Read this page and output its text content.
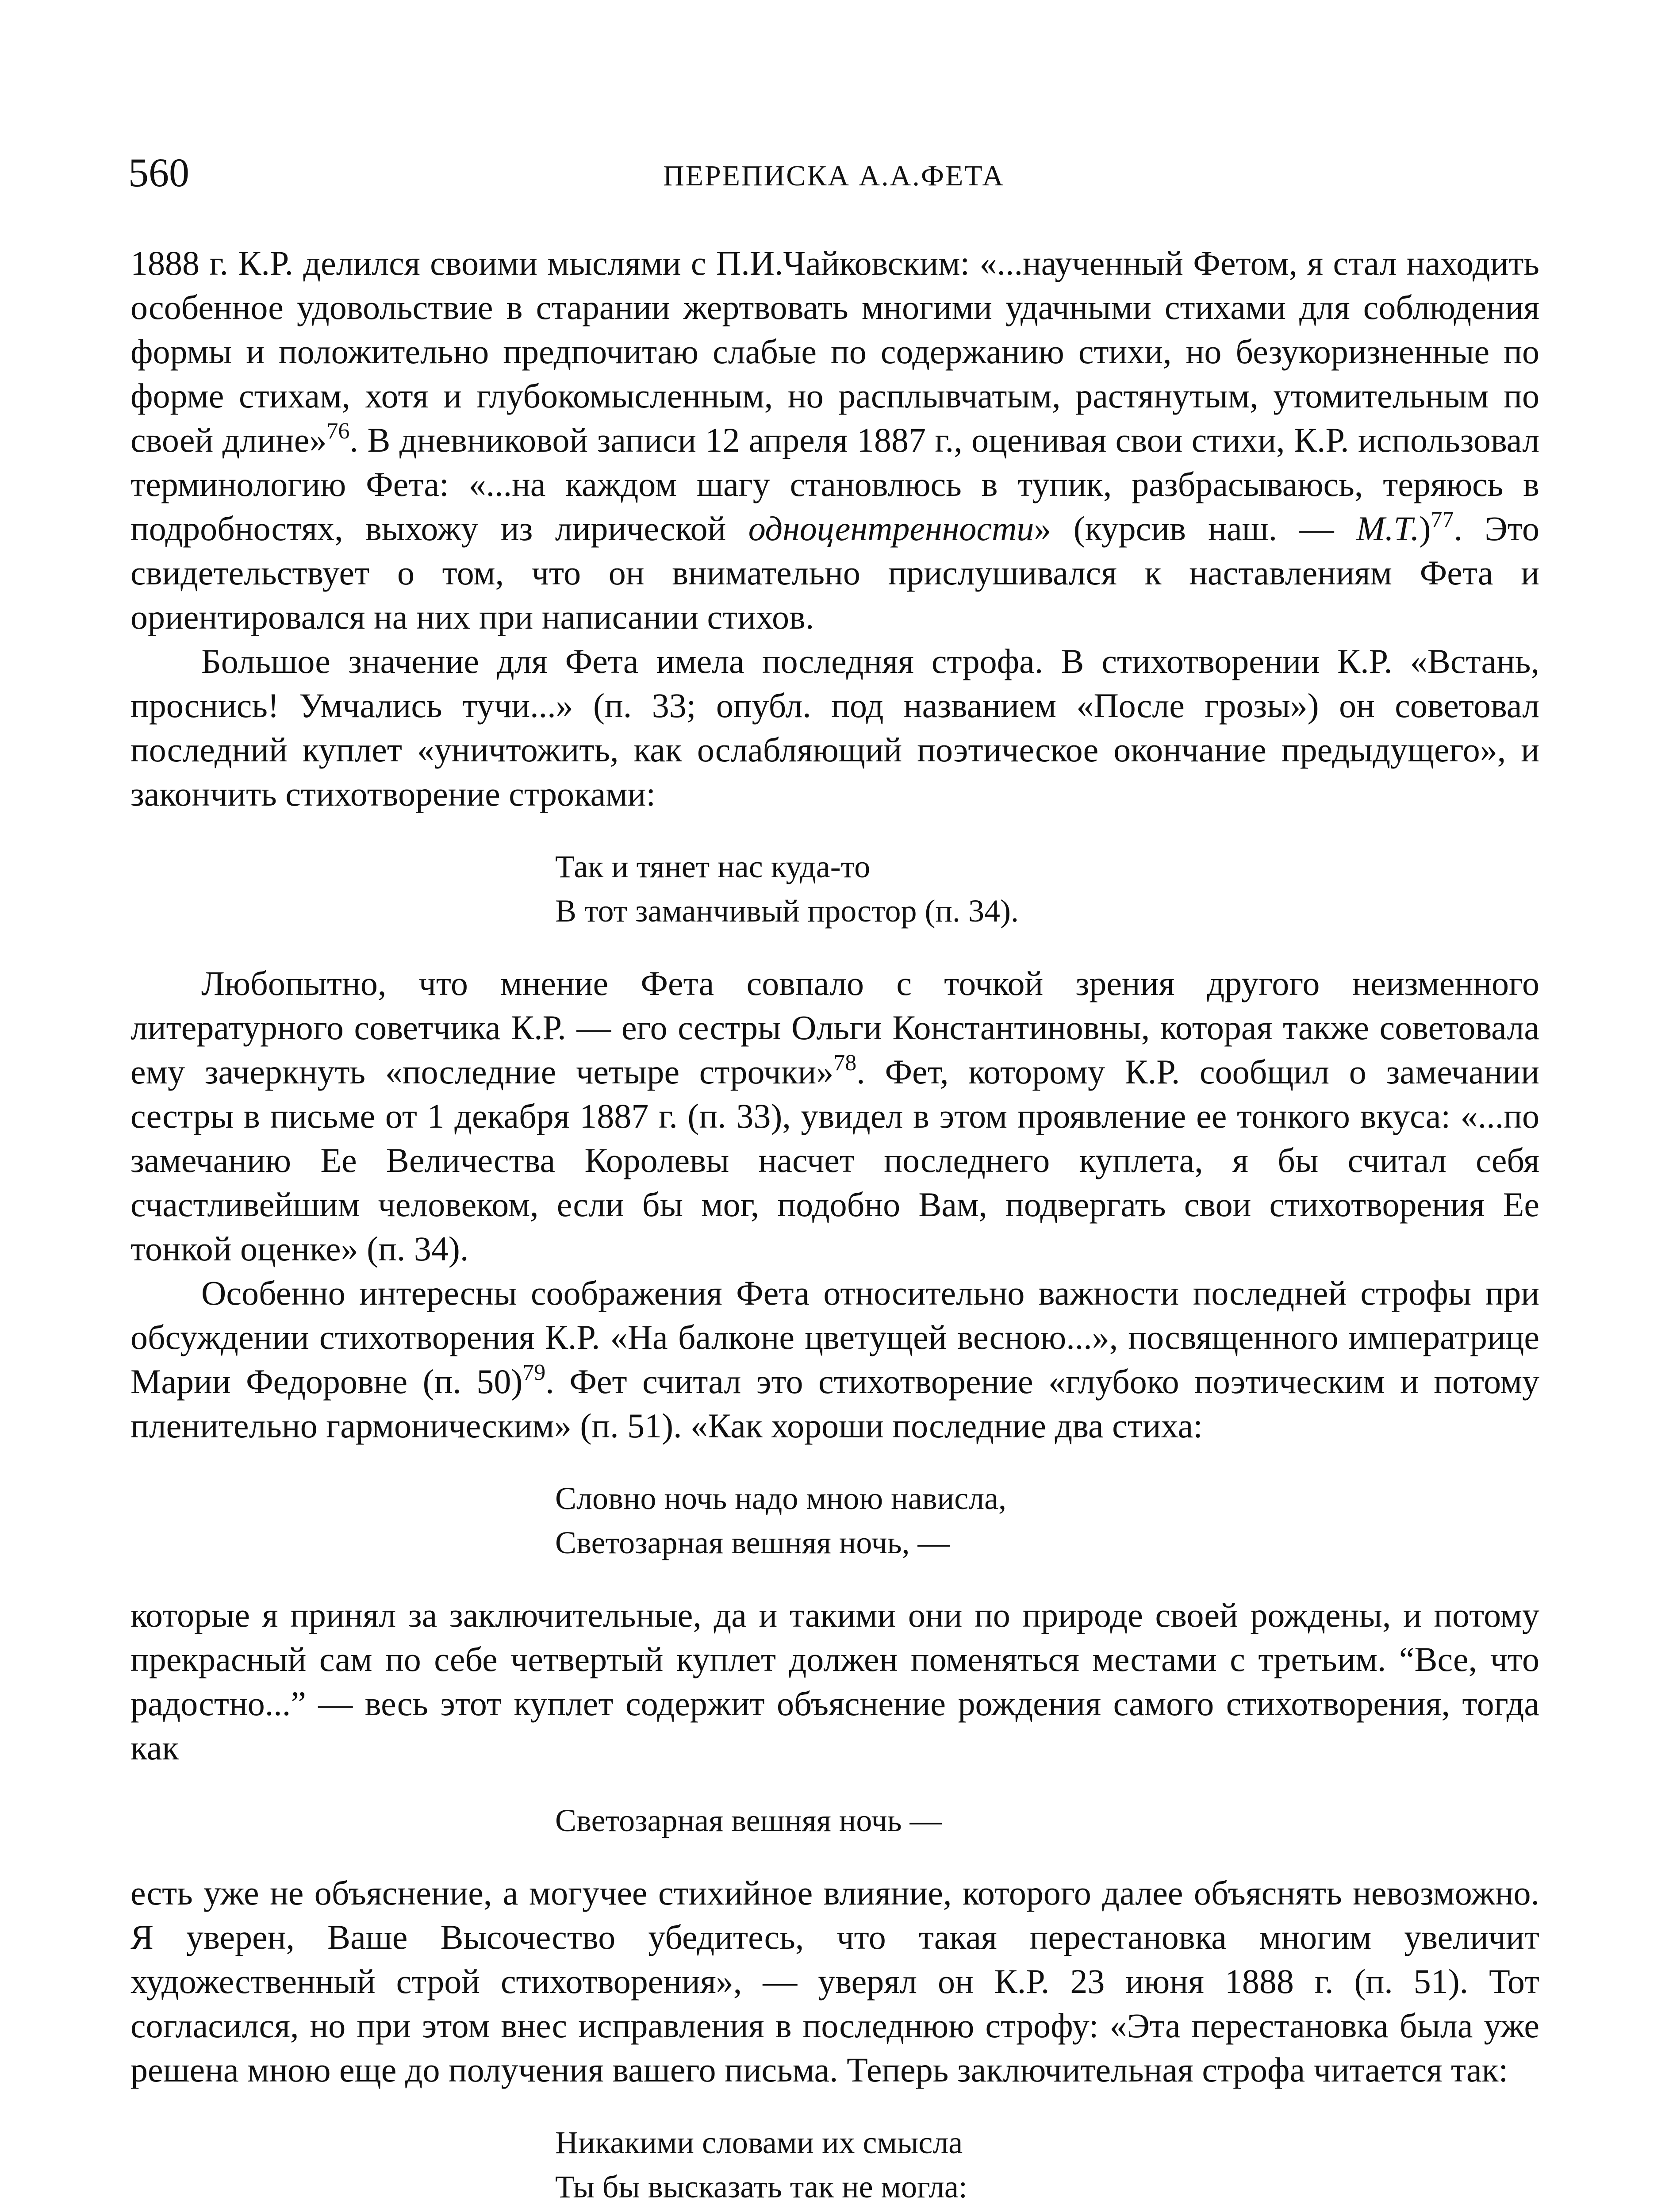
560	ПЕРЕПИСКА А.А.ФЕТА

1888 г. К.Р. делился своими мыслями с П.И.Чайковским: «...наученный Фетом, я стал находить особенное удовольствие в старании жертвовать многими удачными стихами для соблюдения формы и положительно предпочитаю слабые по содержанию стихи, но безукоризненные по форме стихам, хотя и глубокомысленным, но расплывчатым, растянутым, утомительным по своей длине»$^{76}$. В дневниковой записи 12 апреля 1887 г., оценивая свои стихи, К.Р. использовал терминологию Фета: «...на каждом шагу становлюсь в тупик, разбрасываюсь, теряюсь в подробностях, выхожу из лирической одноцентренности» (курсив наш. — М.Т.)$^{77}$. Это свидетельствует о том, что он внимательно прислушивался к наставлениям Фета и ориентировался на них при написании стихов.

Большое значение для Фета имела последняя строфа. В стихотворении К.Р. «Встань, проснись! Умчались тучи...» (п. 33; опубл. под названием «После грозы») он советовал последний куплет «уничтожить, как ослабляющий поэтическое окончание предыдущего», и закончить стихотворение строками:

Так и тянет нас куда-то
В тот заманчивый простор (п. 34).

Любопытно, что мнение Фета совпало с точкой зрения другого неизменного литературного советчика К.Р. — его сестры Ольги Константиновны, которая также советовала ему зачеркнуть «последние четыре строчки»$^{78}$. Фет, которому К.Р. сообщил о замечании сестры в письме от 1 декабря 1887 г. (п. 33), увидел в этом проявление ее тонкого вкуса: «...по замечанию Ее Величества Королевы насчет последнего куплета, я бы считал себя счастливейшим человеком, если бы мог, подобно Вам, подвергать свои стихотворения Ее тонкой оценке» (п. 34).

Особенно интересны соображения Фета относительно важности последней строфы при обсуждении стихотворения К.Р. «На балконе цветущей весною...», посвященного императрице Марии Федоровне (п. 50)$^{79}$. Фет считал это стихотворение «глубоко поэтическим и потому пленительно гармоническим» (п. 51). «Как хороши последние два стиха:

Словно ночь надо мною нависла,
Светозарная вешняя ночь, —

которые я принял за заключительные, да и такими они по природе своей рождены, и потому прекрасный сам по себе четвертый куплет должен поменяться местами с третьим. “Все, что радостно...” — весь этот куплет содержит объяснение рождения самого стихотворения, тогда как

Светозарная вешняя ночь —

есть уже не объяснение, а могучее стихийное влияние, которого далее объяснять невозможно. Я уверен, Ваше Высочество убедитесь, что такая перестановка многим увеличит художественный строй стихотворения», — уверял он К.Р. 23 июня 1888 г. (п. 51). Тот согласился, но при этом внес исправления в последнюю строфу: «Эта перестановка была уже решена мною еще до получения вашего письма. Теперь заключительная строфа читается так:

Никакими словами их смысла
Ты бы высказать так не могла:
